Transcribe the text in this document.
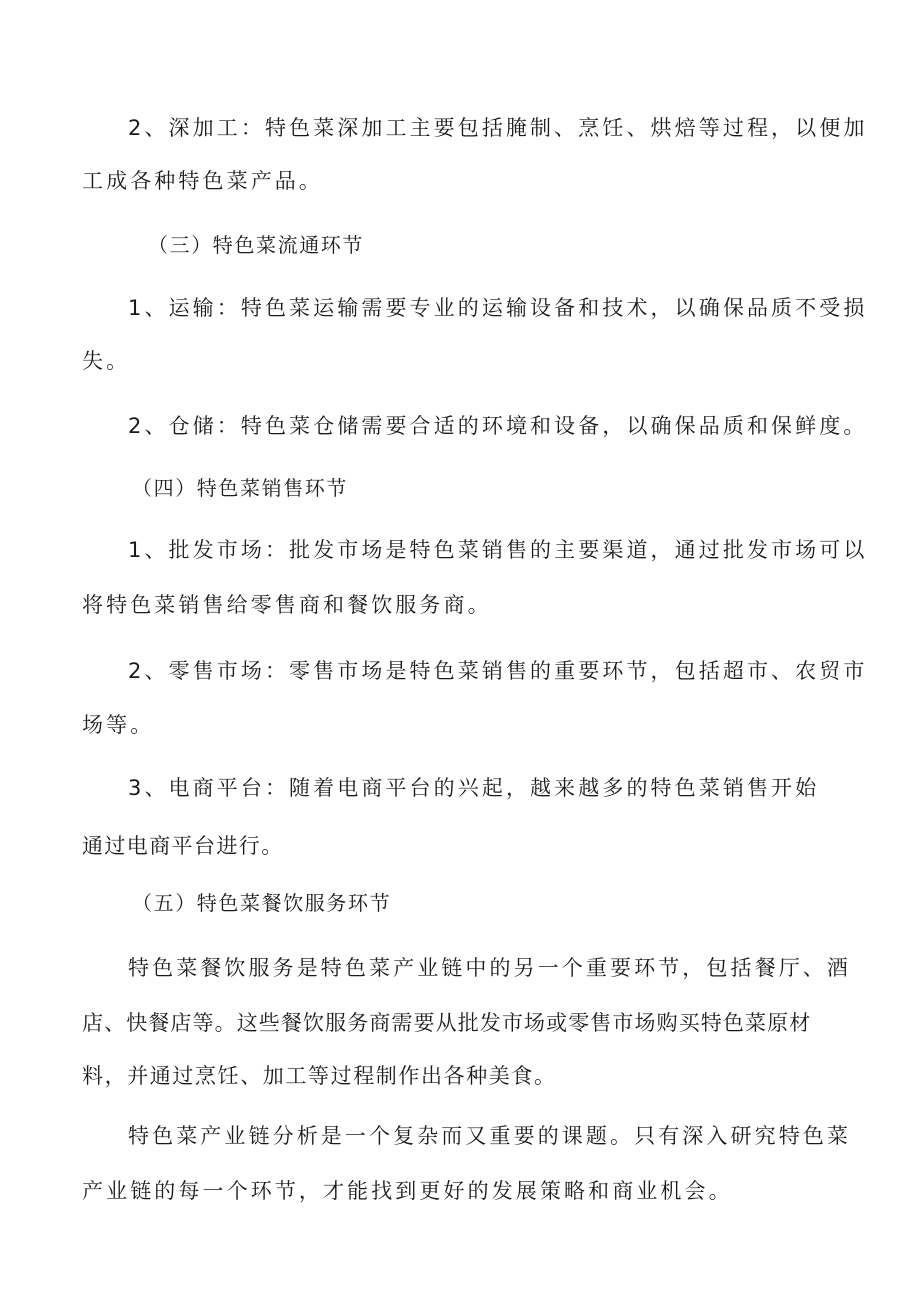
2、深加工：特色菜深加工主要包括腌制、烹饪、烘焙等过程，以便加
工成各种特色菜产品。
（三）特色菜流通环节
1、运输：特色菜运输需要专业的运输设备和技术，以确保品质不受损
失。
2、仓储：特色菜仓储需要合适的环境和设备，以确保品质和保鲜度。
（四）特色菜销售环节
1、批发市场：批发市场是特色菜销售的主要渠道，通过批发市场可以
将特色菜销售给零售商和餐饮服务商。
2、零售市场：零售市场是特色菜销售的重要环节，包括超市、农贸市
场等。
3、电商平台：随着电商平台的兴起，越来越多的特色菜销售开始
通过电商平台进行。
（五）特色菜餐饮服务环节
特色菜餐饮服务是特色菜产业链中的另一个重要环节，包括餐厅、酒
店、快餐店等。这些餐饮服务商需要从批发市场或零售市场购买特色菜原材
料，并通过烹饪、加工等过程制作出各种美食。
特色菜产业链分析是一个复杂而又重要的课题。只有深入研究特色菜
产业链的每一个环节，才能找到更好的发展策略和商业机会。
